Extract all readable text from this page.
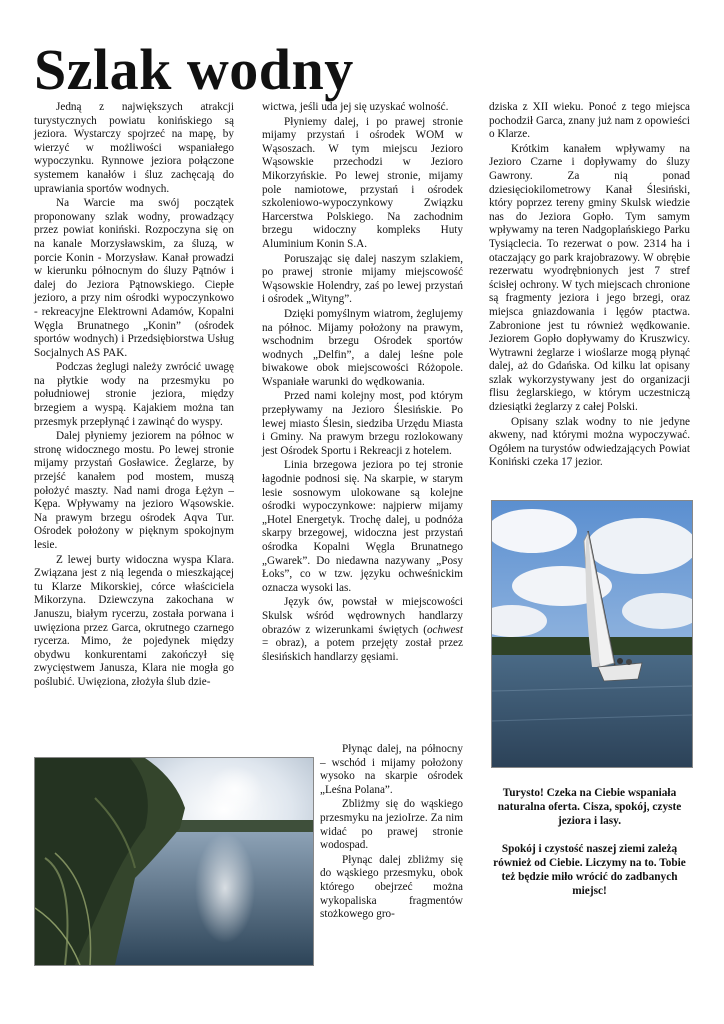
Szlak wodny

Jedną z największych atrakcji turystycznych powiatu konińskiego są jeziora. Wystarczy spojrzeć na mapę, by wierzyć w możliwości wspaniałego wypoczynku. Rynnowe jeziora połączone systemem kanałów i śluz zachęcają do uprawiania sportów wodnych.

Na Warcie ma swój początek proponowany szlak wodny, prowadzący przez powiat koniński. Rozpoczyna się on na kanale Morzysławskim, za śluzą, w porcie Konin - Morzysław. Kanał prowadzi w kierunku północnym do śluzy Pątnów i dalej do Jeziora Pątnowskiego. Ciepłe jezioro, a przy nim ośrodki wypoczynkowo - rekreacyjne Elektrowni Adamów, Kopalni Węgla Brunatnego „Konin” (ośrodek sportów wodnych) i Przedsiębiorstwa Usług Socjalnych AS PAK.

Podczas żeglugi należy zwrócić uwagę na płytkie wody na przesmyku po południowej stronie jeziora, między brzegiem a wyspą. Kajakiem można tan przesmyk przepłynąć i zawinąć do wyspy.

Dalej płyniemy jeziorem na północ w stronę widocznego mostu. Po lewej stronie mijamy przystań Gosławice. Żeglarze, by przejść kanałem pod mostem, muszą położyć maszty. Nad nami droga Łężyn – Kępa. Wpływamy na jezioro Wąsowskie. Na prawym brzegu ośrodek Aqva Tur. Ośrodek położony w pięknym spokojnym lesie.

Z lewej burty widoczna wyspa Klara. Związana jest z nią legenda o mieszkającej tu Klarze Mikorskiej, córce właściciela Mikorzyna. Dziewczyna zakochana w Januszu, białym rycerzu, została porwana i uwięziona przez Garca, okrutnego czarnego rycerza. Mimo, że pojedynek między obydwu konkurentami zakończył się zwycięstwem Janusza, Klara nie mogła go poślubić. Uwięziona, złożyła ślub dzie-

wictwa, jeśli uda jej się uzyskać wolność.

Płyniemy dalej, i po prawej stronie mijamy przystań i ośrodek WOM w Wąsoszach. W tym miejscu Jezioro Wąsowskie przechodzi w Jezioro Mikorzyńskie. Po lewej stronie, mijamy pole namiotowe, przystań i ośrodek szkoleniowo-wypoczynkowy Związku Harcerstwa Polskiego. Na zachodnim brzegu widoczny kompleks Huty Aluminium Konin S.A.

Poruszając się dalej naszym szlakiem, po prawej stronie mijamy miejscowość Wąsowskie Holendry, zaś po lewej przystań i ośrodek „Wityng”.

Dzięki pomyślnym wiatrom, żeglujemy na północ. Mijamy położony na prawym, wschodnim brzegu Ośrodek sportów wodnych „Delfin”, a dalej leśne pole biwakowe obok miejscowości Różopole. Wspaniałe warunki do wędkowania.

Przed nami kolejny most, pod którym przepływamy na Jezioro Ślesińskie. Po lewej miasto Ślesin, siedziba Urzędu Miasta i Gminy. Na prawym brzegu rozlokowany jest Ośrodek Sportu i Rekreacji z hotelem.

Linia brzegowa jeziora po tej stronie łagodnie podnosi się. Na skarpie, w starym lesie sosnowym ulokowane są kolejne ośrodki wypoczynkowe: najpierw mijamy „Hotel Energetyk. Trochę dalej, u podnóża skarpy brzegowej, widoczna jest przystań ośrodka Kopalni Węgla Brunatnego „Gwarek”. Do niedawna nazywany „Posy Łoks”, co w tzw. języku ochweśnickim oznacza wysoki las.

Język ów, powstał w miejscowości Skulsk wśród wędrownych handlarzy obrazów z wizerunkami świętych (ochwest = obraz), a potem przejęty został przez ślesińskich handlarzy gęsiami.

Płynąc dalej, na północny – wschód i mijamy położony wysoko na skarpie ośrodek „Leśna Polana”.

Zbliżmy się do wąskiego przesmyku na jezioIrze. Za nim widać po prawej stronie wodospad.

Płynąc dalej zbliżmy się do wąskiego przesmyku, obok którego obejrzeć można wykopaliska fragmentów stożkowego gro-

dziska z XII wieku. Ponoć z tego miejsca pochodził Garca, znany już nam z opowieści o Klarze.

Krótkim kanałem wpływamy na Jezioro Czarne i dopływamy do śluzy Gawrony. Za nią ponad dziesięciokilometrowy Kanał Ślesiński, który poprzez tereny gminy Skulsk wiedzie nas do Jeziora Gopło. Tym samym wpływamy na teren Nadgoplańskiego Parku Tysiąclecia. To rezerwat o pow. 2314 ha i otaczający go park krajobrazowy. W obrębie rezerwatu wyodrębnionych jest 7 stref ścisłej ochrony. W tych miejscach chronione są fragmenty jeziora i jego brzegi, oraz miejsca gniazdowania i lęgów ptactwa. Zabronione jest tu również wędkowanie. Jeziorem Gopło dopływamy do Kruszwicy. Wytrawni żeglarze i wioślarze mogą płynąć dalej, aż do Gdańska. Od kilku lat opisany szlak wykorzystywany jest do organizacji flisu żeglarskiego, w którym uczestniczą dziesiątki żeglarzy z całej Polski.

Opisany szlak wodny to nie jedyne akweny, nad którymi można wypoczywać. Ogółem na turystów odwiedzających Powiat Koniński czeka 17 jezior.

Turysto! Czeka na Ciebie wspaniała naturalna oferta. Cisza, spokój, czyste jeziora i lasy.

Spokój i czystość naszej ziemi zależą również od Ciebie. Liczymy na to. Tobie też będzie miło wrócić do zadbanych miejsc!
